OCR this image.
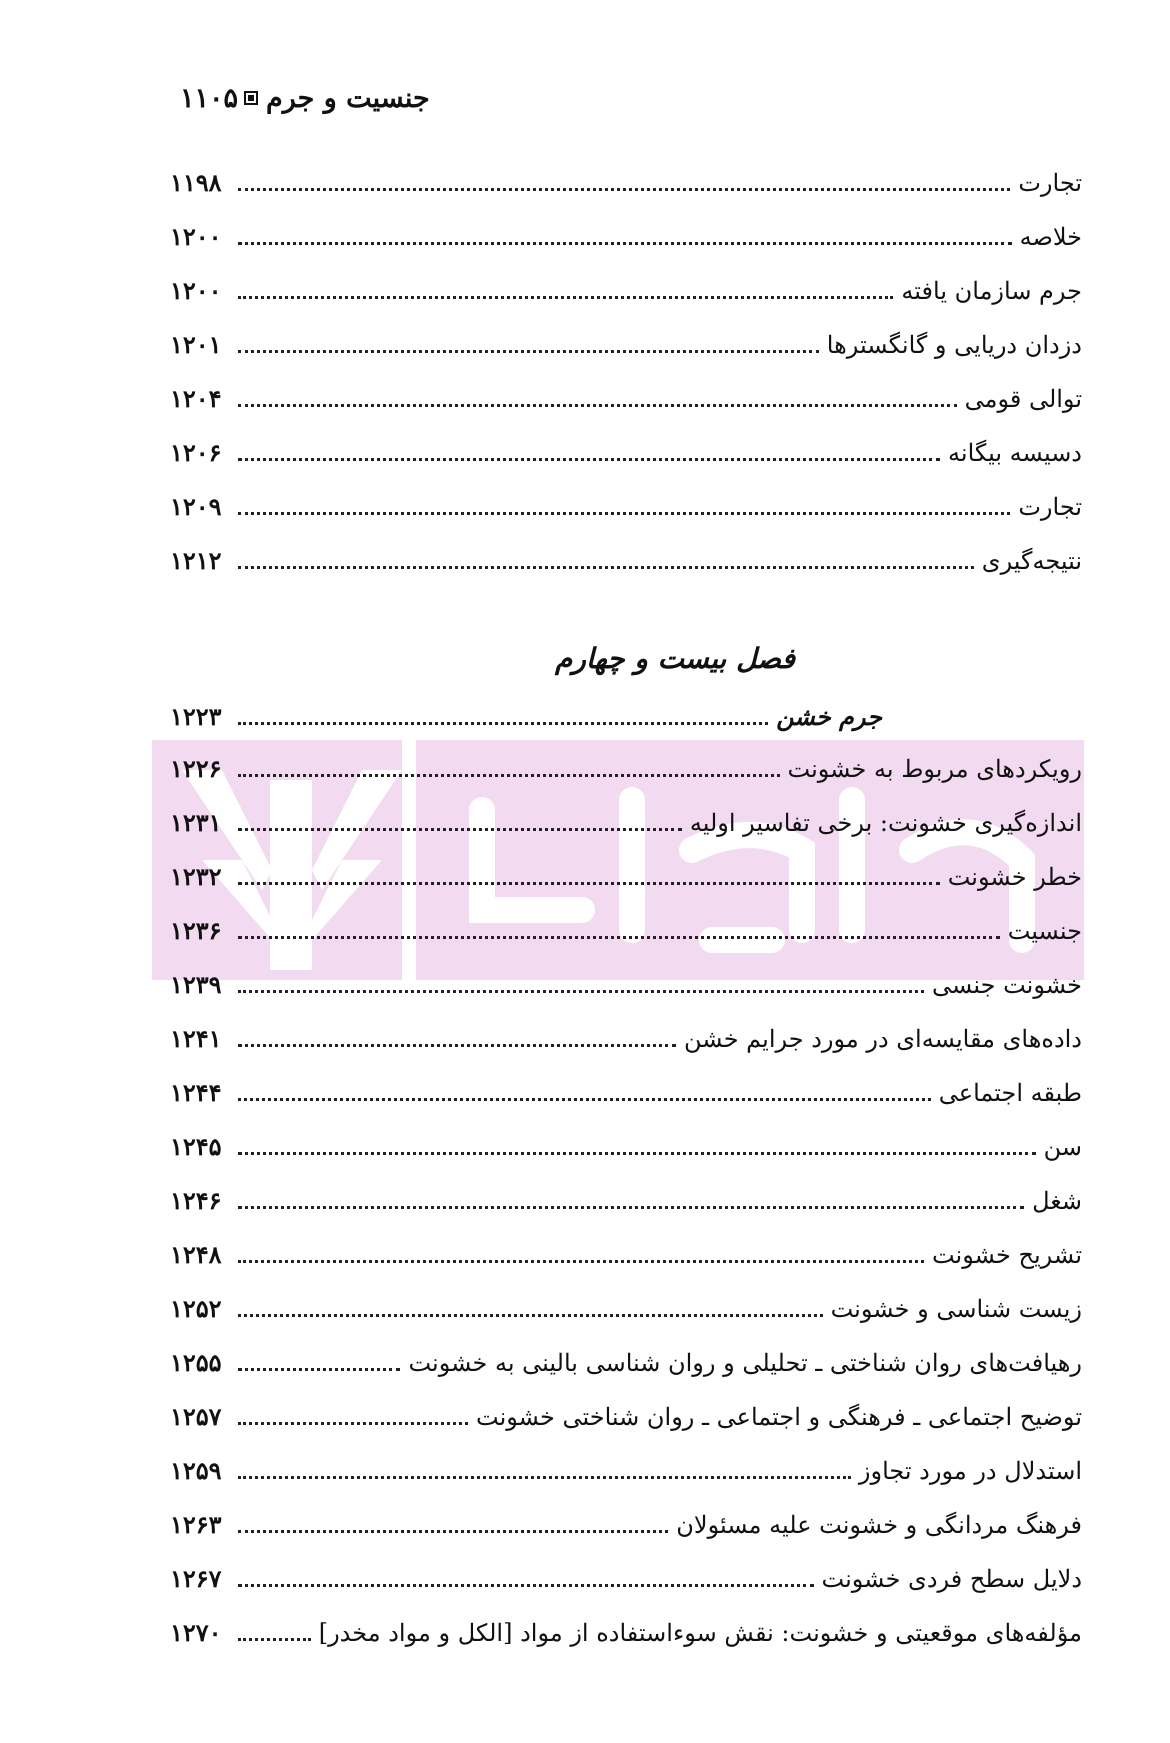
۱۱۰۵ جنسیت و جرم
تجارت
۱۱۹۸
خلاصه
۱۲۰۰
جرم سازمان یافته
۱۲۰۰
دزدان دریایی و گانگسترها
۱۲۰۱
توالی قومی
۱۲۰۴
دسیسه بیگانه
۱۲۰۶
تجارت
۱۲۰۹
نتیجه‌گیری
۱۲۱۲
فصل بیست و چهارم
جرم خشن
۱۲۲۳
رویکردهای مربوط به خشونت
۱۲۲۶
اندازه‌گیری خشونت: برخی تفاسیر اولیه
۱۲۳۱
خطر خشونت
۱۲۳۲
جنسیت
۱۲۳۶
خشونت جنسی
۱۲۳۹
داده‌های مقایسه‌ای در مورد جرایم خشن
۱۲۴۱
طبقه اجتماعی
۱۲۴۴
سن
۱۲۴۵
شغل
۱۲۴۶
تشریح خشونت
۱۲۴۸
زیست شناسی و خشونت
۱۲۵۲
رهیافت‌های روان شناختی ـ تحلیلی و روان شناسی بالینی به خشونت
۱۲۵۵
توضیح اجتماعی ـ فرهنگی و اجتماعی ـ روان شناختی خشونت
۱۲۵۷
استدلال در مورد تجاوز
۱۲۵۹
فرهنگ مردانگی و خشونت علیه مسئولان
۱۲۶۳
دلایل سطح فردی خشونت
۱۲۶۷
مؤلفه‌های موقعیتی و خشونت: نقش سوءاستفاده از مواد [الکل و مواد مخدر]
۱۲۷۰
